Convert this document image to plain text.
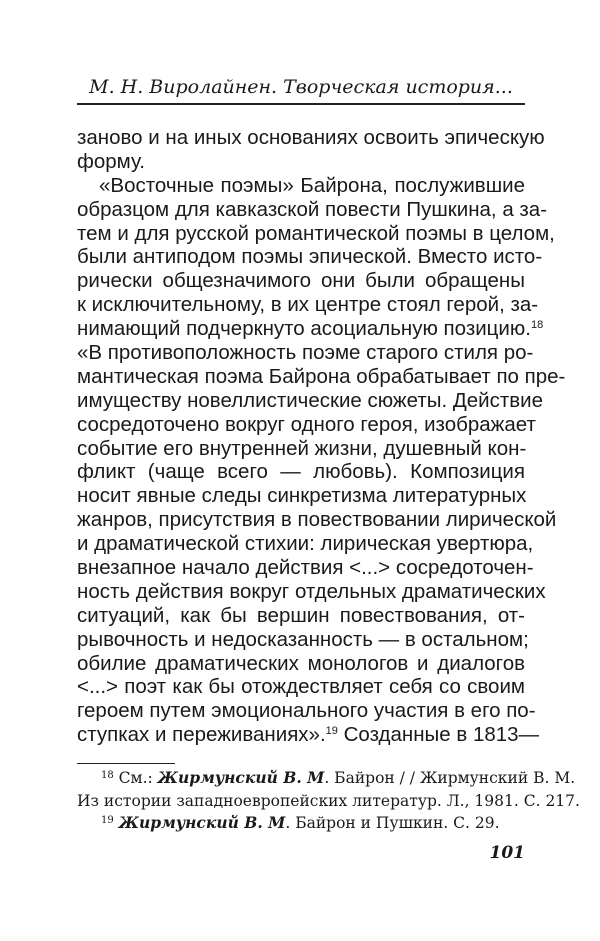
М. Н. Виролайнен. Творческая история...
заново и на иных основаниях освоить эпическую
форму.
«Восточные поэмы» Байрона, послужившие
образцом для кавказской повести Пушкина, а за-
тем и для русской романтической поэмы в целом,
были антиподом поэмы эпической. Вместо исто-
рически общезначимого они были обращены
к исключительному, в их центре стоял герой, за-
нимающий подчеркнуто асоциальную позицию.$^{18}$
«В противоположность поэме старого стиля ро-
мантическая поэма Байрона обрабатывает по пре-
имуществу новеллистические сюжеты. Действие
сосредоточено вокруг одного героя, изображает
событие его внутренней жизни, душевный кон-
фликт (чаще всего — любовь). Композиция
носит явные следы синкретизма литературных
жанров, присутствия в повествовании лирической
и драматической стихии: лирическая увертюра,
внезапное начало действия <...> сосредоточен-
ность действия вокруг отдельных драматических
ситуаций, как бы вершин повествования, от-
рывочность и недосказанность — в остальном;
обилие драматических монологов и диалогов
<...> поэт как бы отождествляет себя со своим
героем путем эмоционального участия в его по-
ступках и переживаниях».$^{19}$ Созданные в 1813—
$^{18}$ См.: Жирмунский В. М. Байрон / / Жирмунский В. М.
Из истории западноевропейских литератур. Л., 1981. С. 217.
$^{19}$ Жирмунский В. М. Байрон и Пушкин. С. 29.
101
